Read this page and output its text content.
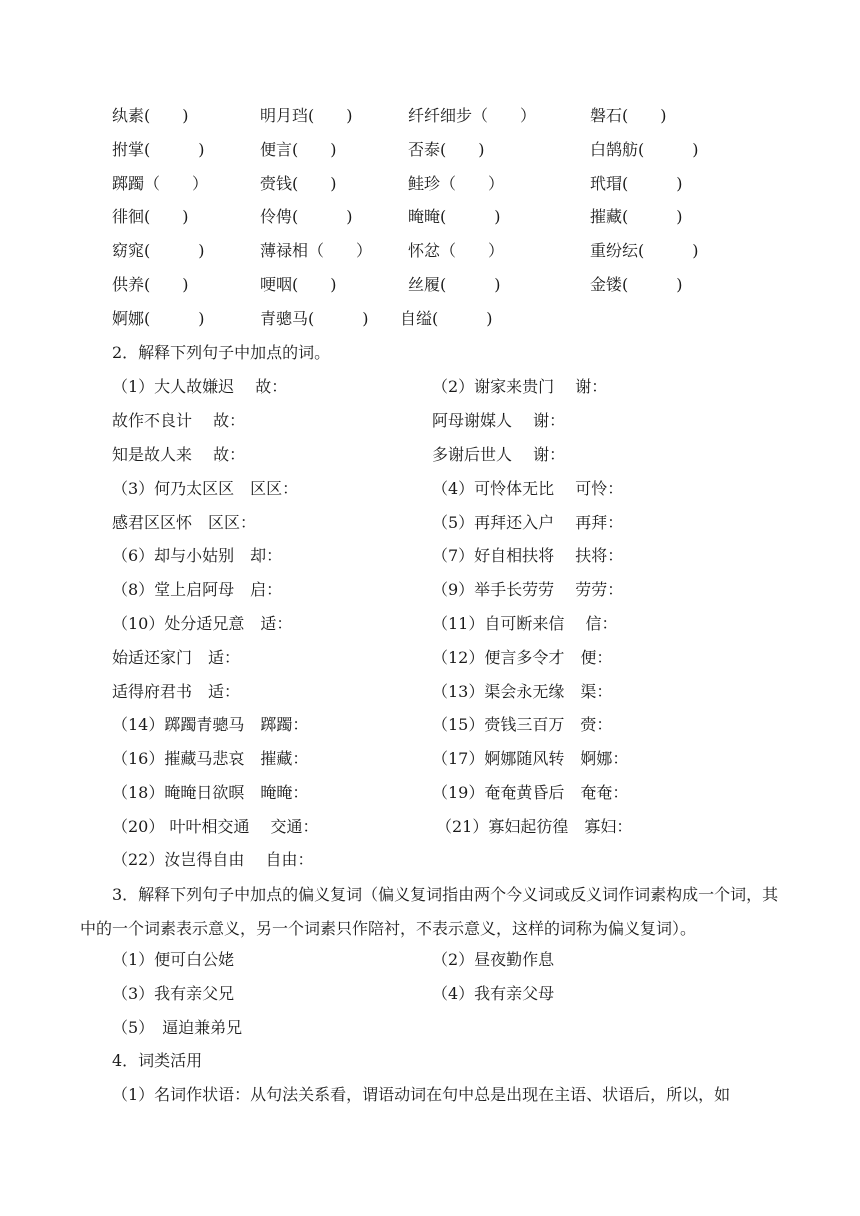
纨素(　　)	明月珰(　　)	纤纤细步（　　）	磐石(　　)
拊掌(　　　)	便言(　　)	否泰(　　)	白鹄舫(　　　)
踯躅（　　）	赍钱(　　)	鲑珍（　　）	玳瑁(　　　)
徘徊(　　)	伶俜(　　　)	晻晻(　　　)	摧藏(　　　)
窈窕(　　　)	薄禄相（　　） 怀忿（　　）	重纷纭(　　　)
供养(　　)	哽咽(　　)	丝履(　　　)	金镂(　　　)
婀娜(　　　)	青骢马(　　　) 自缢(　　　)
2．解释下列句子中加点的词。
（1）大人故嫌迟　 故：	（2）谢家来贵门　 谢：
故作不良计　 故：	阿母谢媒人　 谢：
知是故人来　 故：	多谢后世人　 谢：
（3）何乃太区区　区区：	（4）可怜体无比　 可怜：
感君区区怀　区区：	（5）再拜还入户　 再拜：
（6）却与小姑别　却：	（7）好自相扶将　 扶将：
（8）堂上启阿母　启：	（9）举手长劳劳　 劳劳：
（10）处分适兄意　适：	（11）自可断来信　 信：
始适还家门　适：	（12）便言多令才　便：
适得府君书　适：	（13）渠会永无缘　渠：
（14）踯躅青骢马　踯躅：	（15）赍钱三百万　赍：
（16）摧藏马悲哀　摧藏：	（17）婀娜随风转　婀娜：
（18）晻晻日欲暝　晻晻：	（19）奄奄黄昏后　奄奄：
（20） 叶叶相交通　 交通：	（21）寡妇起彷徨　寡妇：
（22）汝岂得自由　 自由：
3．解释下列句子中加点的偏义复词（偏义复词指由两个今义词或反义词作词素构成一个词，其中的一个词素表示意义，另一个词素只作陪衬，不表示意义，这样的词称为偏义复词）。
（1）便可白公姥	（2）昼夜勤作息
（3）我有亲父兄	（4）我有亲父母
（5）　逼迫兼弟兄
4．词类活用
（1）名词作状语：从句法关系看，谓语动词在句中总是出现在主语、状语后，所以，如
